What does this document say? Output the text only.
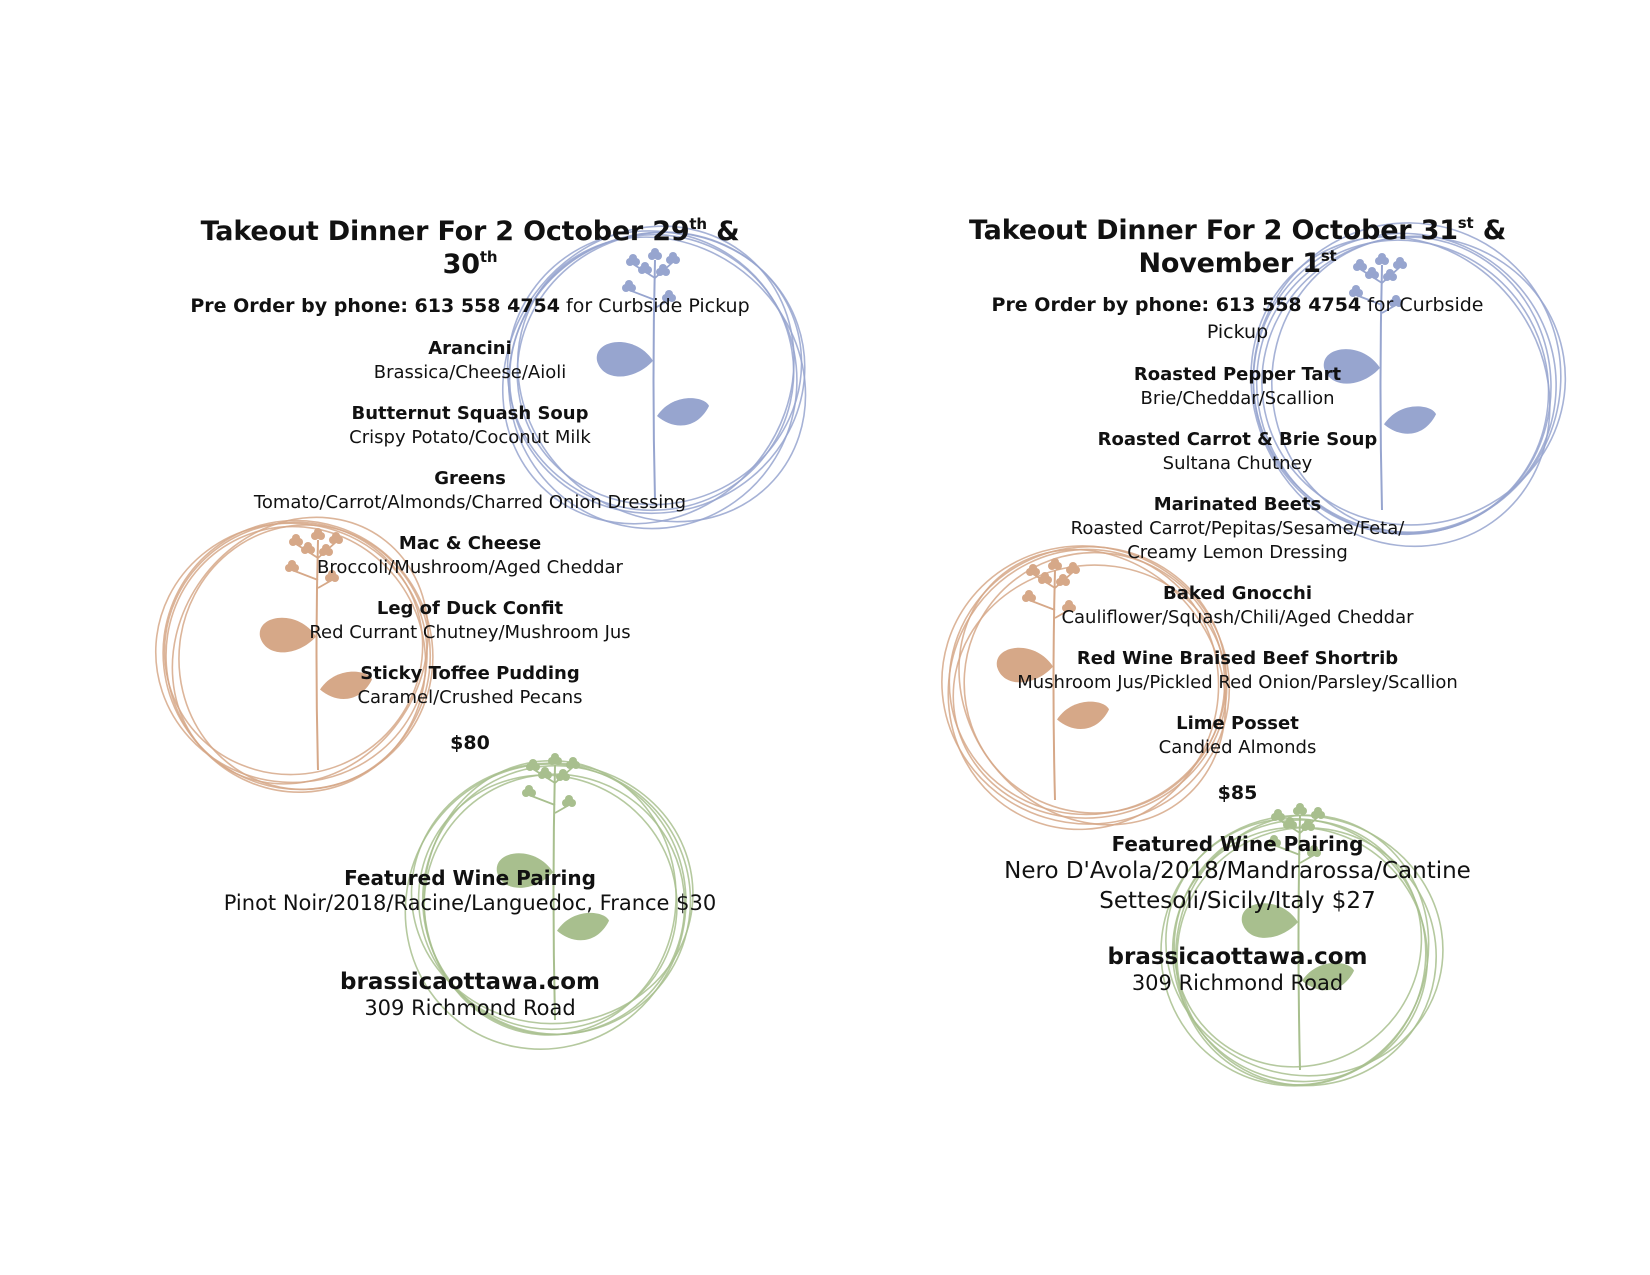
Takeout Dinner For 2 October 29th & 30th
Pre Order by phone: 613 558 4754 for Curbside Pickup
Arancini
Brassica/Cheese/Aioli
Butternut Squash Soup
Crispy Potato/Coconut Milk
Greens
Tomato/Carrot/Almonds/Charred Onion Dressing
Mac & Cheese
Broccoli/Mushroom/Aged Cheddar
Leg of Duck Confit
Red Currant Chutney/Mushroom Jus
Sticky Toffee Pudding
Caramel/Crushed Pecans
$80
Featured Wine Pairing
Pinot Noir/2018/Racine/Languedoc, France $30
brassicaottawa.com
309 Richmond Road
Takeout Dinner For 2 October 31st &
November 1st
Pre Order by phone: 613 558 4754 for Curbside Pickup
Roasted Pepper Tart
Brie/Cheddar/Scallion
Roasted Carrot & Brie Soup
Sultana Chutney
Marinated Beets
Roasted Carrot/Pepitas/Sesame/Feta/ Creamy Lemon Dressing
Baked Gnocchi
Cauliflower/Squash/Chili/Aged Cheddar
Red Wine Braised Beef Shortrib
Mushroom Jus/Pickled Red Onion/Parsley/Scallion
Lime Posset
Candied Almonds
$85
Featured Wine Pairing
Nero D'Avola/2018/Mandrarossa/Cantine Settesoli/Sicily/Italy $27
brassicaottawa.com
309 Richmond Road
